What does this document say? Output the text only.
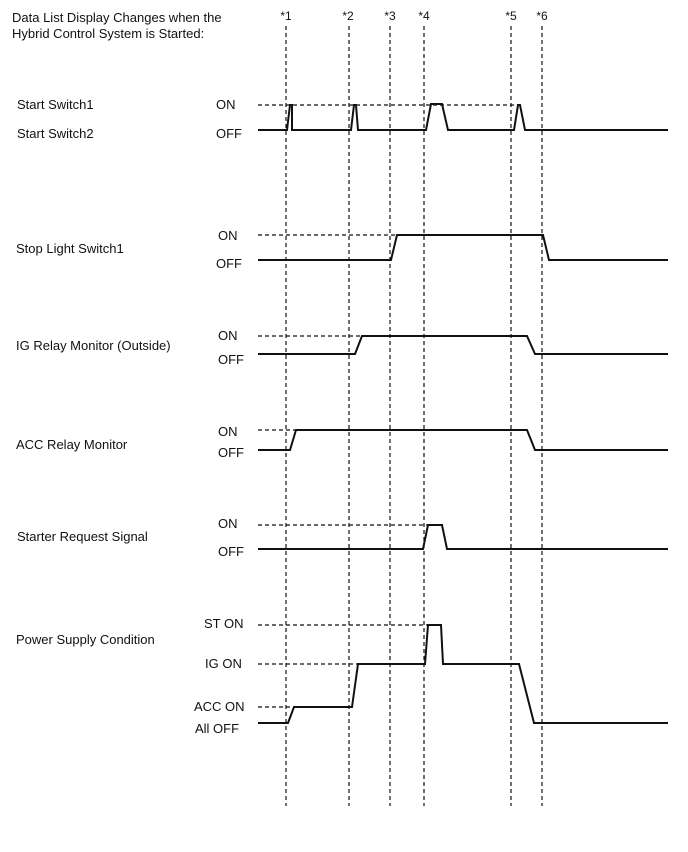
Data List Display Changes when the
Hybrid Control System is Started:
*1	*2	*3 *4	*5 *6
Start Switch1
Start Switch2
Stop Light Switch1
IG Relay Monitor (Outside)
ACC Relay Monitor
Starter Request Signal
Power Supply Condition
ON
OFF
ON
OFF
ON
OFF
ON
OFF
ON
OFF
ST ON
IG ON
ACC ON
All OFF
